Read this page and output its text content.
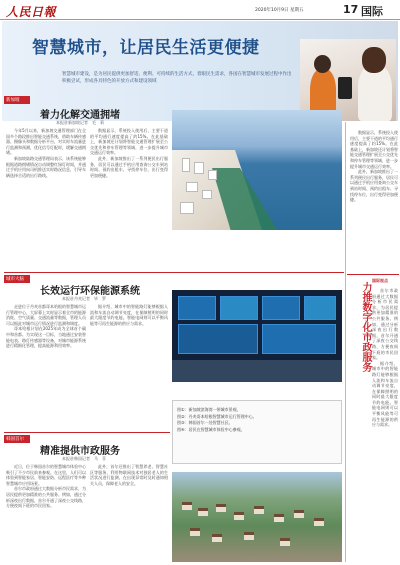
人民日報	2020年10月9日 星期五	17 国际
智慧城市，让居民生活更便捷
智慧城市建设，是为居民提供更加舒适、便利、可持续的生活方式，着眼民生需求，各国在智慧城市发展过程中作出积极尝试，形成各具特色的开放方式和建设领域
新加坡
着力化解交通拥堵
本报驻新加坡记者　毛　莉

今年5月以来，新加坡交通管理部门在全国多个路段推出智能交通系统，借助车辆传感器、摄像头和数据分析平台，对实时车流量进行监测和预测，优化信号灯配时，缓解交通拥堵。

新加坡陆路交通管理局表示，该系统能够根据道路拥堵情况自动调整红绿灯时间，并通过手机应用向司机推送实时路况信息，引导车辆选择合适的出行路线。

数据显示，系统投入使用后，主要干道的平均通行速度提高了约15%。在此基础上，新加坡还计划将智能交通管理扩展至公交优先和停车管理等领域，进一步提升城市交通运行效率。

此外，新加坡推出了一系列便民出行服务，居民可以通过手机应用查询公交车到站时间、预约出租车、寻找停车位，出行变得更加便捷。

城市大脑
长效运行环保能源系统
本报驻丹麦记者　毕　罗

走进位于丹麦首都哥本哈根的智慧城市运行管理中心，大屏幕上实时显示着全市的能源消耗、空气质量、交通流量等数据，管理人员可以据此对城市运行情况进行监测和调度。

哥本哈根计划在2025年成为全球首个碳中和首都。为实现这一目标，当地通过安装智能电表、路灯传感器等设备，对城市能源系统进行精细化管理，提高能源利用效率。

据介绍，城市中的智能路灯能够根据人流和车流自动调节亮度，在保障照明的同时最大限度节约电能。智能电网则可以平衡风能等可再生能源的供应与需求。

图①：新加坡滨海湾一带城市景观。
图②：丹麦哥本哈根智慧城市运行管理中心。
图③：韩国首尔一处智慧社区。
图④：居民在智慧城市体验中心参观。
韩国首尔
精准提供市政服务
本报驻韩国记者　马　菲

近日，位于韩国首尔的智慧城市体验中心吸引了不少市民前来参观。在这里，人们可以体验到智能家居、智能安防、远程医疗等多种智慧城市应用场景。

首尔市政府通过大数据分析市民需求，为居民提供更加精准的公共服务。例如，通过分析深夜出行数据，首尔开通了深夜公交线路，方便夜间下班的市民回家。

此外，首尔还推出了智慧养老、智慧社区等服务，利用物联网技术对独居老人的生活状况进行监测，在出现异常时及时通知相关人员，保障老人的安全。

国际视点
力推数字化市政服务	首尔市政府通过大数据分析市民需求，为居民提供更加精准的公共服务。例如，通过分析深夜出行数据，首尔开通了深夜公交线路，方便夜间下班的市民回家。

据介绍，城市中的智能路灯能够根据人流和车流自动调节亮度，在保障照明的同时最大限度节约电能。智能电网则可以平衡风能等可再生能源的供应与需求。

数据显示，系统投入使用后，主要干道的平均通行速度提高了约15%。在此基础上，新加坡还计划将智能交通管理扩展至公交优先和停车管理等领域，进一步提升城市交通运行效率。

此外，新加坡推出了一系列便民出行服务，居民可以通过手机应用查询公交车到站时间、预约出租车、寻找停车位，出行变得更加便捷。
